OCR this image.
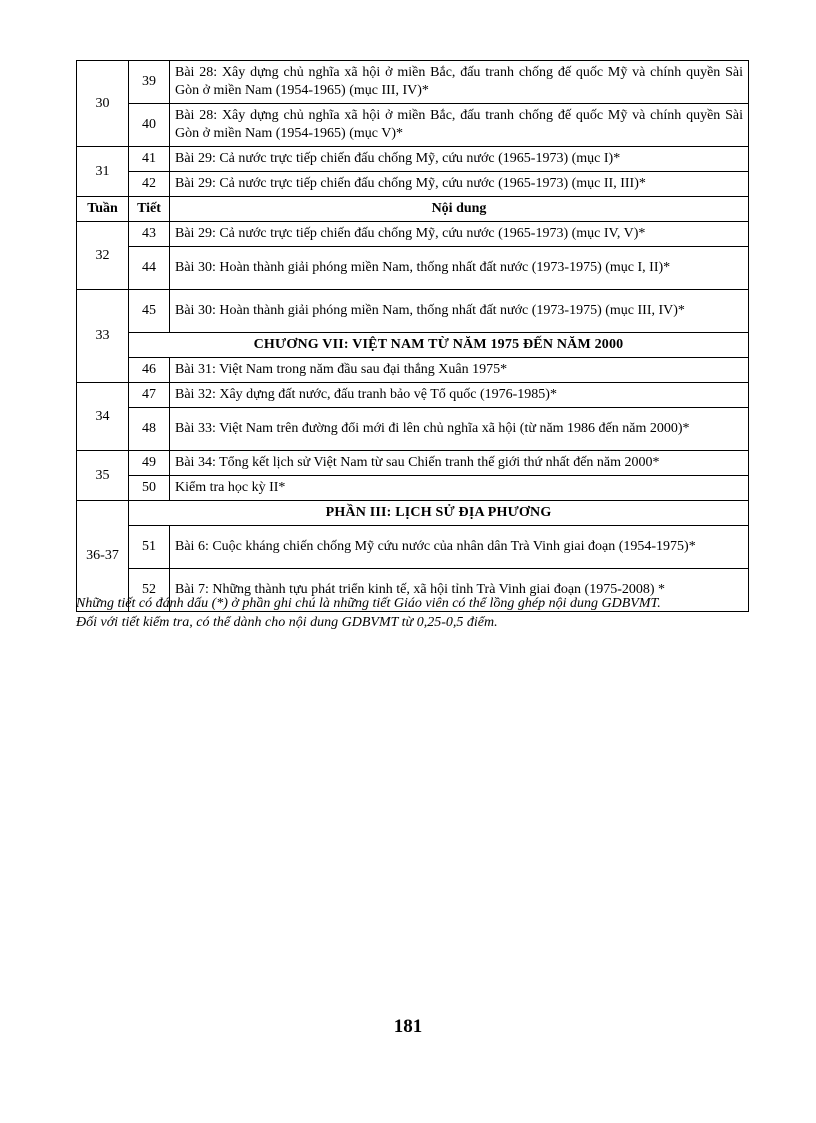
30	39	Bài 28: Xây dựng chủ nghĩa xã hội ở miền Bắc, đấu tranh chống đế quốc Mỹ và chính quyền Sài Gòn ở miền Nam (1954-1965) (mục III, IV)*
	40	Bài 28: Xây dựng chủ nghĩa xã hội ở miền Bắc, đấu tranh chống đế quốc Mỹ và chính quyền Sài Gòn ở miền Nam (1954-1965) (mục V)*
31	41	Bài 29: Cả nước trực tiếp chiến đấu chống Mỹ, cứu nước (1965-1973) (mục I)*
	42	Bài 29: Cả nước trực tiếp chiến đấu chống Mỹ, cứu nước (1965-1973) (mục II, III)*
Tuần	Tiết	Nội dung
32	43	Bài 29: Cả nước trực tiếp chiến đấu chống Mỹ, cứu nước (1965-1973) (mục IV, V)*
	44	Bài 30: Hoàn thành giải phóng miền Nam, thống nhất đất nước (1973-1975) (mục I, II)*
33	45	Bài 30: Hoàn thành giải phóng miền Nam, thống nhất đất nước (1973-1975) (mục III, IV)*
	CHƯƠNG VII: VIỆT NAM TỪ NĂM 1975 ĐẾN NĂM 2000	
	46	Bài 31: Việt Nam trong năm đầu sau đại thắng Xuân 1975*
34	47	Bài 32: Xây dựng đất nước, đấu tranh bảo vệ Tổ quốc (1976-1985)*
	48	Bài 33: Việt Nam trên đường đổi mới đi lên chủ nghĩa xã hội (từ năm 1986 đến năm 2000)*
35	49	Bài 34: Tổng kết lịch sử Việt Nam từ sau Chiến tranh thế giới thứ nhất đến năm 2000*
	50	Kiểm tra học kỳ II*
36-37	PHẦN III: LỊCH SỬ ĐỊA PHƯƠNG	
	51	Bài 6: Cuộc kháng chiến chống Mỹ cứu nước của nhân dân Trà Vinh giai đoạn (1954-1975)*
	52	Bài 7: Những thành tựu phát triển kinh tế, xã hội tỉnh Trà Vinh giai đoạn (1975-2008) *

Những tiết có đánh dấu (*) ở phần ghi chú là những tiết Giáo viên có thể lồng ghép nội dung GDBVMT.

Đối với tiết kiểm tra, có thể dành cho nội dung GDBVMT từ 0,25-0,5 điểm.

181
